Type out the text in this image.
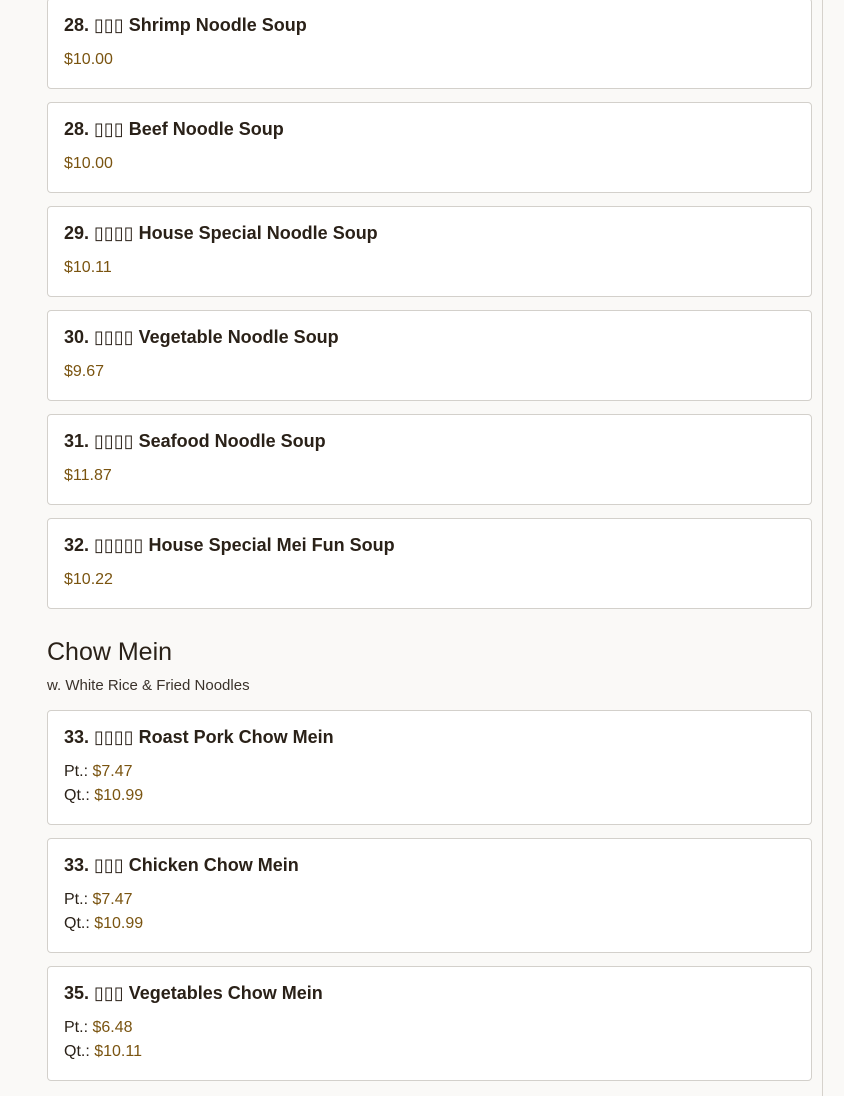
28. ▯▯▯ Shrimp Noodle Soup
$10.00
28. ▯▯▯ Beef Noodle Soup
$10.00
29. ▯▯▯▯ House Special Noodle Soup
$10.11
30. ▯▯▯▯ Vegetable Noodle Soup
$9.67
31. ▯▯▯▯ Seafood Noodle Soup
$11.87
32. ▯▯▯▯▯ House Special Mei Fun Soup
$10.22
Chow Mein
w. White Rice & Fried Noodles
33. ▯▯▯▯ Roast Pork Chow Mein
Pt.: $7.47
Qt.: $10.99
33. ▯▯▯ Chicken Chow Mein
Pt.: $7.47
Qt.: $10.99
35. ▯▯▯ Vegetables Chow Mein
Pt.: $6.48
Qt.: $10.11
